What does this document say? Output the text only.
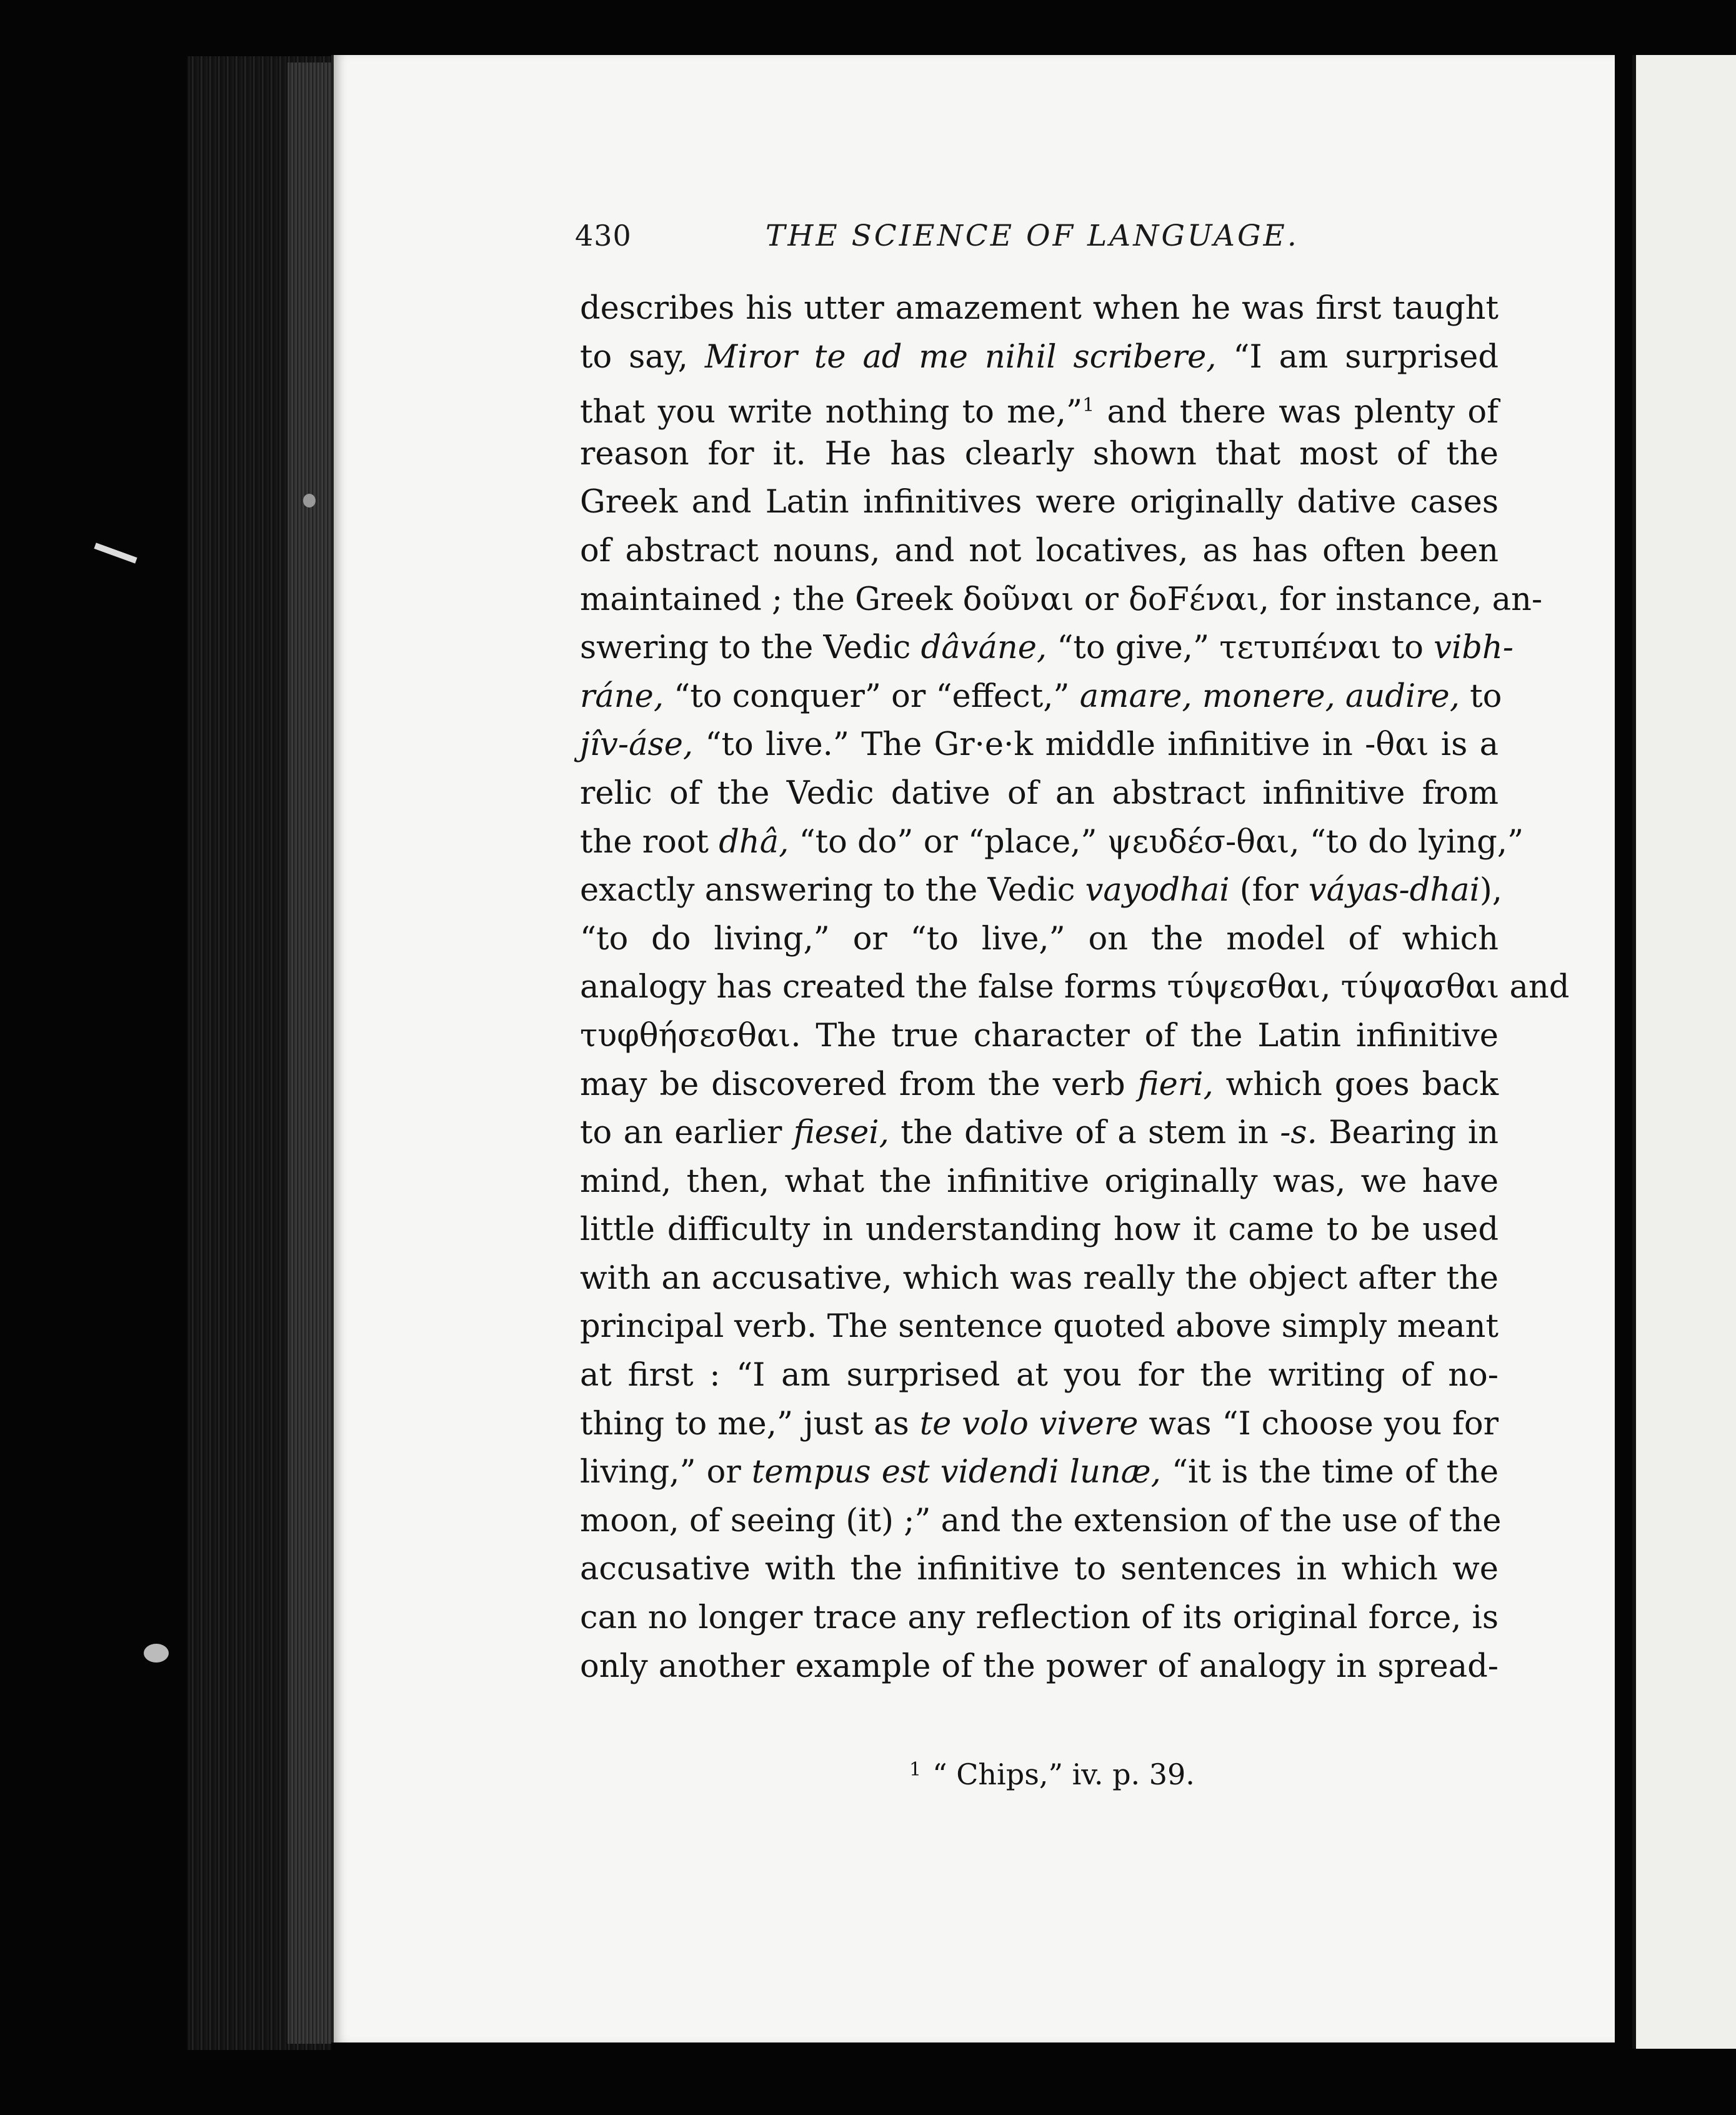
430	THE SCIENCE OF LANGUAGE.
describes his utter amazement when he was first taught
to say, Miror te ad me nihil scribere, “I am surprised
that you write nothing to me,”$^1$ and there was plenty of
reason for it. He has clearly shown that most of the
Greek and Latin infinitives were originally dative cases
of abstract nouns, and not locatives, as has often been
maintained ; the Greek δοῦναι or δοFέναι, for instance, an-
swering to the Vedic dâváne, “to give,” τετυπέναι to vibh-
ráne, “to conquer” or “effect,” amare, monere, audire, to
jîv-áse, “to live.” The Gr·e·k middle infinitive in -θαι is a
relic of the Vedic dative of an abstract infinitive from
the root dhâ, “to do” or “place,” ψευδέσ-θαι, “to do lying,”
exactly answering to the Vedic vayodhai (for váyas-dhai),
“to do living,” or “to live,” on the model of which
analogy has created the false forms τύψεσθαι, τύψασθαι and
τυφθήσεσθαι. The true character of the Latin infinitive
may be discovered from the verb fieri, which goes back
to an earlier fiesei, the dative of a stem in -s. Bearing in
mind, then, what the infinitive originally was, we have
little difficulty in understanding how it came to be used
with an accusative, which was really the object after the
principal verb. The sentence quoted above simply meant
at first : “I am surprised at you for the writing of no-
thing to me,” just as te volo vivere was “I choose you for
living,” or tempus est videndi lunæ, “it is the time of the
moon, of seeing (it) ;” and the extension of the use of the
accusative with the infinitive to sentences in which we
can no longer trace any reflection of its original force, is
only another example of the power of analogy in spread-
$^1$ “ Chips,” iv. p. 39.
